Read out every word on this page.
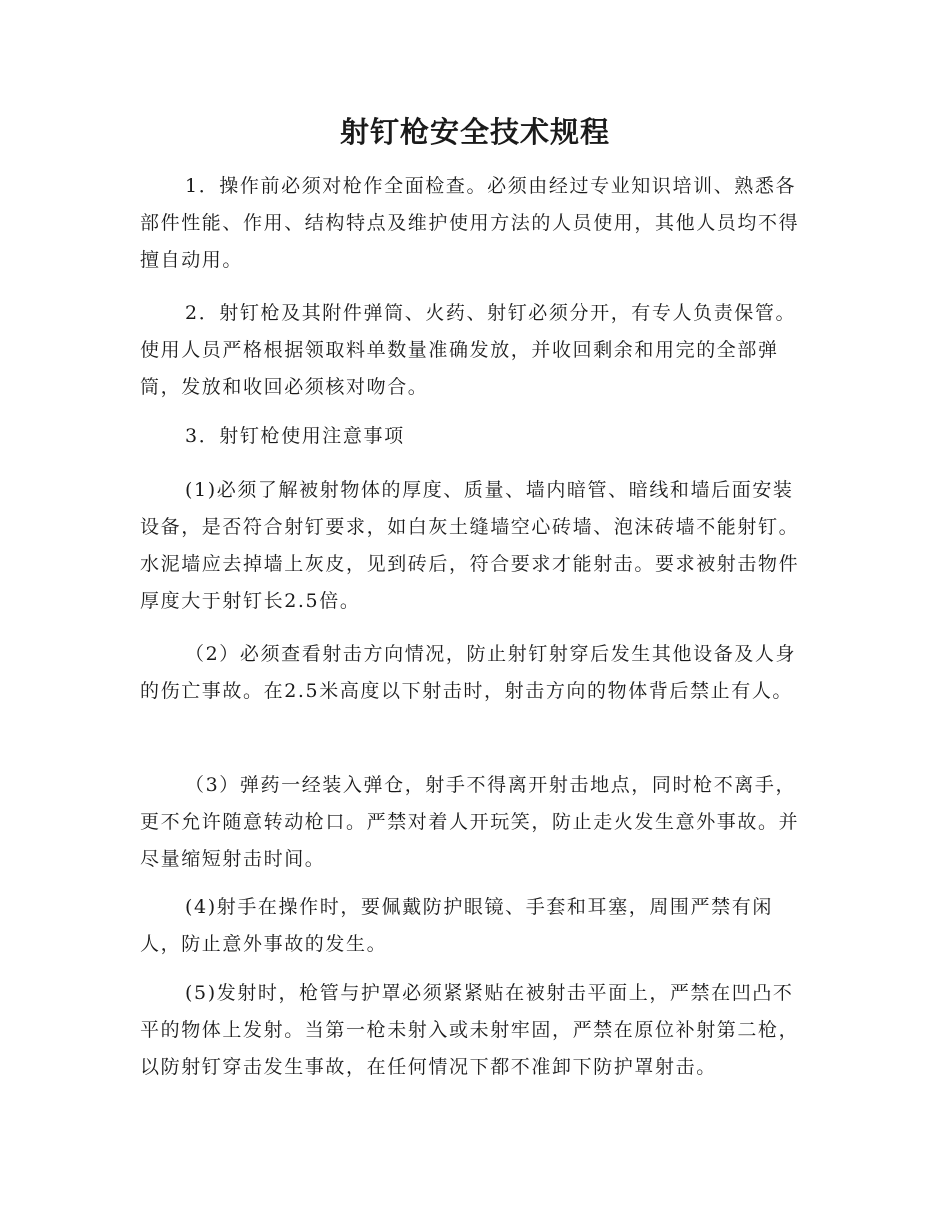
射钉枪安全技术规程

1．操作前必须对枪作全面检查。必须由经过专业知识培训、熟悉各部件性能、作用、结构特点及维护使用方法的人员使用，其他人员均不得擅自动用。

2．射钉枪及其附件弹筒、火药、射钉必须分开，有专人负责保管。使用人员严格根据领取料单数量准确发放，并收回剩余和用完的全部弹筒，发放和收回必须核对吻合。

3．射钉枪使用注意事项

(1)必须了解被射物体的厚度、质量、墙内暗管、暗线和墙后面安装设备，是否符合射钉要求，如白灰土缝墙空心砖墙、泡沫砖墙不能射钉。水泥墙应去掉墙上灰皮，见到砖后，符合要求才能射击。要求被射击物件厚度大于射钉长2.5倍。

（2）必须查看射击方向情况，防止射钉射穿后发生其他设备及人身的伤亡事故。在2.5米高度以下射击时，射击方向的物体背后禁止有人。

（3）弹药一经装入弹仓，射手不得离开射击地点，同时枪不离手，更不允许随意转动枪口。严禁对着人开玩笑，防止走火发生意外事故。并尽量缩短射击时间。

(4)射手在操作时，要佩戴防护眼镜、手套和耳塞，周围严禁有闲人，防止意外事故的发生。

(5)发射时，枪管与护罩必须紧紧贴在被射击平面上，严禁在凹凸不平的物体上发射。当第一枪未射入或未射牢固，严禁在原位补射第二枪，以防射钉穿击发生事故，在任何情况下都不准卸下防护罩射击。
